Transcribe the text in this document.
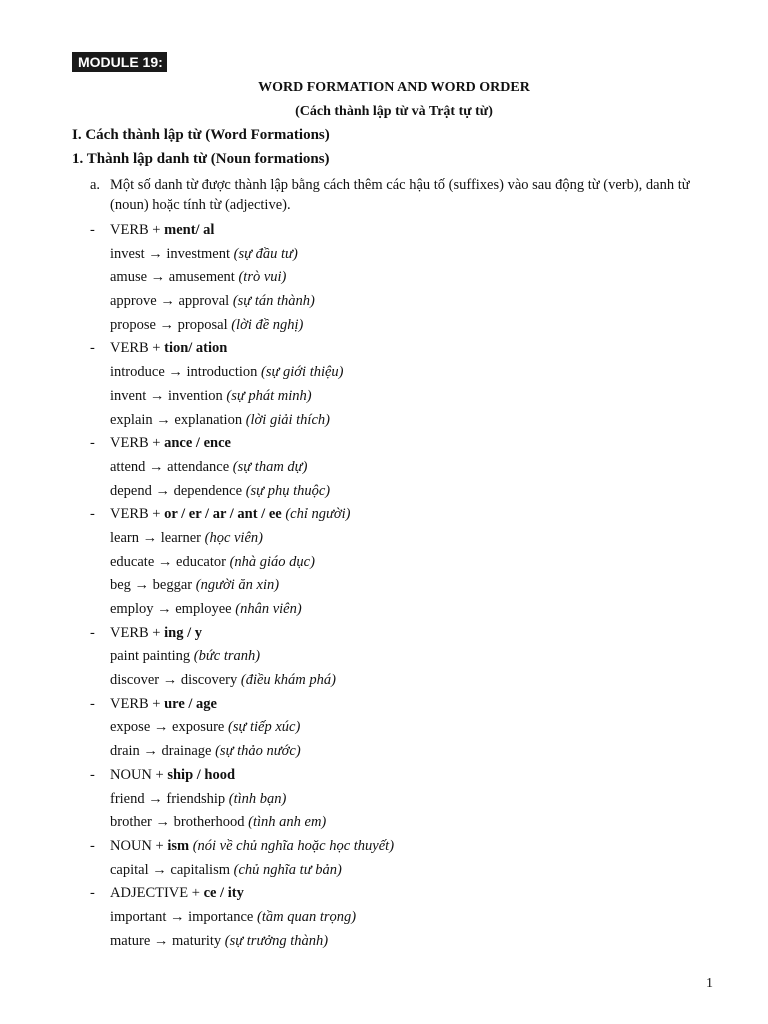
MODULE 19:
WORD FORMATION AND WORD ORDER
(Cách thành lập từ và Trật tự từ)
I. Cách thành lập từ (Word Formations)
1. Thành lập danh từ (Noun formations)
a. Một số danh từ được thành lập bằng cách thêm các hậu tố (suffixes) vào sau động từ (verb), danh từ (noun) hoặc tính từ (adjective).
- VERB + ment/ al
invest → investment (sự đầu tư)
amuse → amusement (trò vui)
approve → approval (sự tán thành)
propose → proposal (lời đề nghị)
- VERB + tion/ ation
introduce → introduction (sự giới thiệu)
invent → invention (sự phát minh)
explain → explanation (lời giải thích)
- VERB + ance / ence
attend → attendance (sự tham dự)
depend → dependence (sự phụ thuộc)
- VERB + or / er / ar / ant / ee (chỉ người)
learn → learner (học viên)
educate → educator (nhà giáo dục)
beg → beggar (người ăn xin)
employ → employee (nhân viên)
- VERB + ing / y
paint painting (bức tranh)
discover → discovery (điều khám phá)
- VERB + ure / age
expose → exposure (sự tiếp xúc)
drain → drainage (sự thảo nước)
- NOUN + ship / hood
friend → friendship (tình bạn)
brother → brotherhood (tình anh em)
- NOUN + ism (nói về chủ nghĩa hoặc học thuyết)
capital → capitalism (chủ nghĩa tư bản)
- ADJECTIVE + ce / ity
important → importance (tầm quan trọng)
mature → maturity (sự trưởng thành)
1
